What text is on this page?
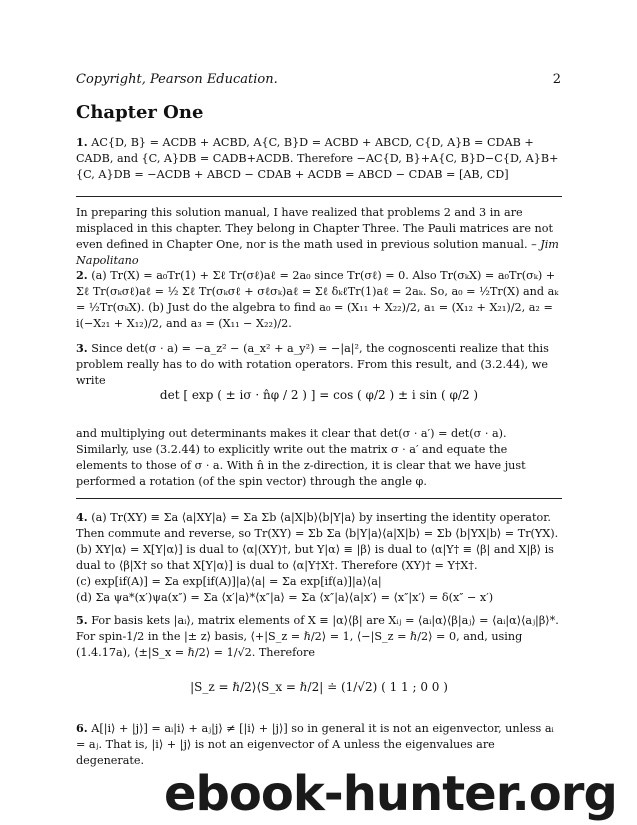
Copyright, Pearson Education.	2
Chapter One

1. AC{D, B} = ACDB + ACBD, A{C, B}D = ACBD + ABCD, C{D, A}B = CDAB + CADB, and {C, A}DB = CADB+ACDB. Therefore −AC{D, B}+A{C, B}D−C{D, A}B+ {C, A}DB = −ACDB + ABCD − CDAB + ACDB = ABCD − CDAB = [AB, CD]

In preparing this solution manual, I have realized that problems 2 and 3 in are misplaced in this chapter. They belong in Chapter Three. The Pauli matrices are not even defined in Chapter One, nor is the math used in previous solution manual. – Jim Napolitano

2. (a) Tr(X) = a₀Tr(1) + Σℓ Tr(σℓ)aℓ = 2a₀ since Tr(σℓ) = 0. Also Tr(σₖX) = a₀Tr(σₖ) + Σℓ Tr(σₖσℓ)aℓ = ½ Σℓ Tr(σₖσℓ + σℓσₖ)aℓ = Σℓ δₖℓTr(1)aℓ = 2aₖ. So, a₀ = ½Tr(X) and aₖ = ½Tr(σₖX). (b) Just do the algebra to find a₀ = (X₁₁ + X₂₂)/2, a₁ = (X₁₂ + X₂₁)/2, a₂ = i(−X₂₁ + X₁₂)/2, and a₃ = (X₁₁ − X₂₂)/2.

3. Since det(σ · a) = −a_z² − (a_x² + a_y²) = −|a|², the cognoscenti realize that this problem really has to do with rotation operators. From this result, and (3.2.44), we write

det [ exp ( ± iσ · n̂φ / 2 ) ] = cos ( φ/2 ) ± i sin ( φ/2 )

and multiplying out determinants makes it clear that det(σ · a′) = det(σ · a). Similarly, use (3.2.44) to explicitly write out the matrix σ · a′ and equate the elements to those of σ · a. With n̂ in the z-direction, it is clear that we have just performed a rotation (of the spin vector) through the angle φ.

4. (a) Tr(XY) ≡ Σa ⟨a|XY|a⟩ = Σa Σb ⟨a|X|b⟩⟨b|Y|a⟩ by inserting the identity operator. Then commute and reverse, so Tr(XY) = Σb Σa ⟨b|Y|a⟩⟨a|X|b⟩ = Σb ⟨b|YX|b⟩ = Tr(YX).

(b) XY|α⟩ = X[Y|α⟩] is dual to ⟨α|(XY)†, but Y|α⟩ ≡ |β⟩ is dual to ⟨α|Y† ≡ ⟨β| and X|β⟩ is dual to ⟨β|X† so that X[Y|α⟩] is dual to ⟨α|Y†X†. Therefore (XY)† = Y†X†.

(c) exp[if(A)] = Σa exp[if(A)]|a⟩⟨a| = Σa exp[if(a)]|a⟩⟨a|

(d) Σa ψa*(x′)ψa(x″) = Σa ⟨x′|a⟩*⟨x″|a⟩ = Σa ⟨x″|a⟩⟨a|x′⟩ = ⟨x″|x′⟩ = δ(x″ − x′)

5. For basis kets |aᵢ⟩, matrix elements of X ≡ |α⟩⟨β| are Xᵢⱼ = ⟨aᵢ|α⟩⟨β|aⱼ⟩ = ⟨aᵢ|α⟩⟨aⱼ|β⟩*. For spin-1/2 in the |± z⟩ basis, ⟨+|S_z = ℏ/2⟩ = 1, ⟨−|S_z = ℏ/2⟩ = 0, and, using (1.4.17a), ⟨±|S_x = ℏ/2⟩ = 1/√2. Therefore

|S_z = ℏ/2⟩⟨S_x = ℏ/2| ≐ (1/√2) ( 1 1 ; 0 0 )

6. A[|i⟩ + |j⟩] = aᵢ|i⟩ + aⱼ|j⟩ ≠ [|i⟩ + |j⟩] so in general it is not an eigenvector, unless aᵢ = aⱼ. That is, |i⟩ + |j⟩ is not an eigenvector of A unless the eigenvalues are degenerate.

ebook-hunter.org
